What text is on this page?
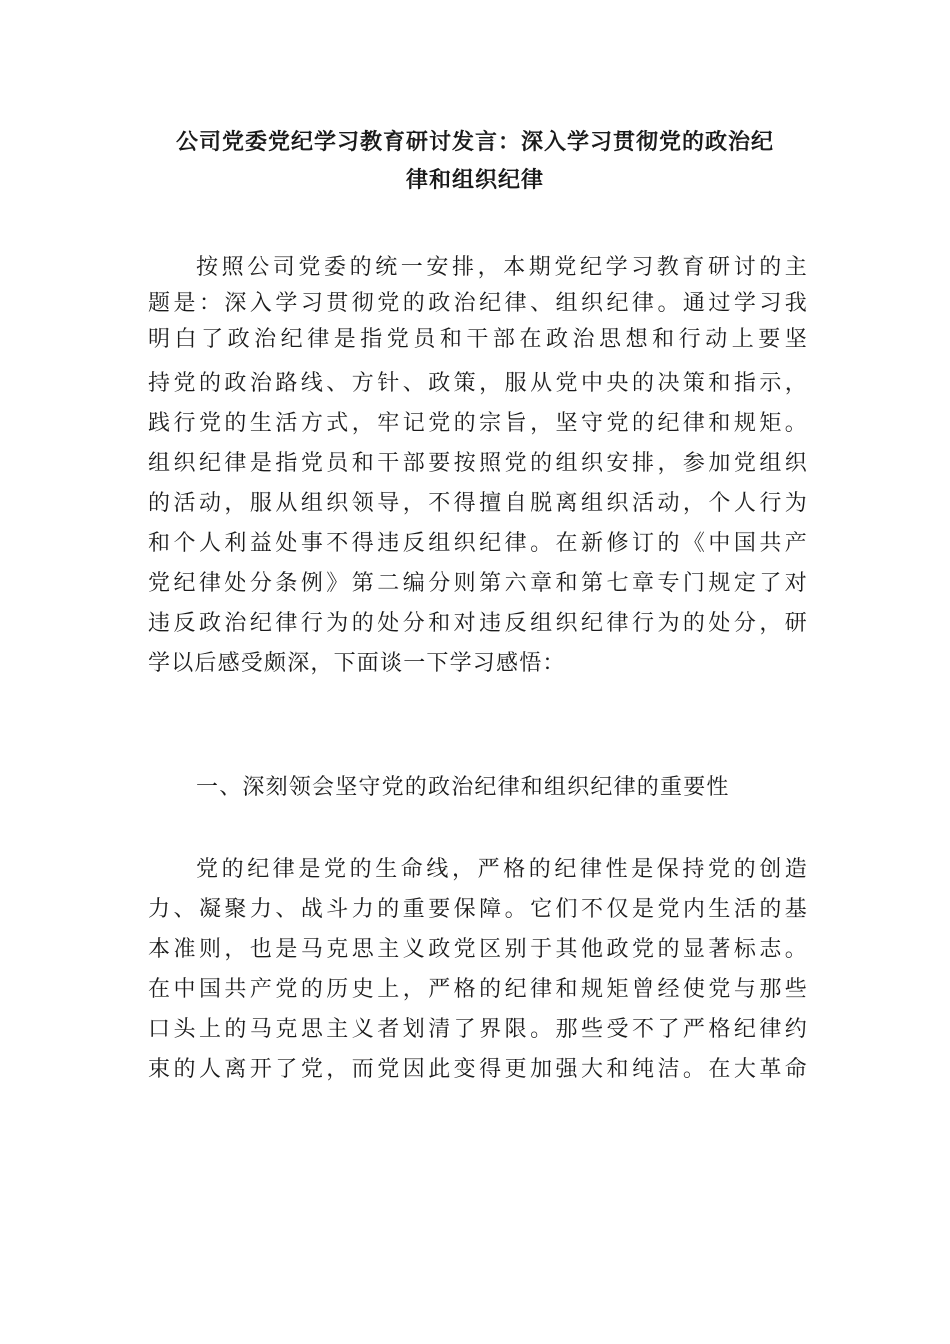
公司党委党纪学习教育研讨发言：深入学习贯彻党的政治纪
律和组织纪律

按照公司党委的统一安排，本期党纪学习教育研讨的主
题是：深入学习贯彻党的政治纪律、组织纪律。通过学习我
明白了政治纪律是指党员和干部在政治思想和行动上要坚
持党的政治路线、方针、政策，服从党中央的决策和指示，
践行党的生活方式，牢记党的宗旨，坚守党的纪律和规矩。
组织纪律是指党员和干部要按照党的组织安排，参加党组织
的活动，服从组织领导，不得擅自脱离组织活动，个人行为
和个人利益处事不得违反组织纪律。在新修订的《中国共产
党纪律处分条例》第二编分则第六章和第七章专门规定了对
违反政治纪律行为的处分和对违反组织纪律行为的处分，研
学以后感受颇深，下面谈一下学习感悟：

一、深刻领会坚守党的政治纪律和组织纪律的重要性

党的纪律是党的生命线，严格的纪律性是保持党的创造
力、凝聚力、战斗力的重要保障。它们不仅是党内生活的基
本准则，也是马克思主义政党区别于其他政党的显著标志。
在中国共产党的历史上，严格的纪律和规矩曾经使党与那些
口头上的马克思主义者划清了界限。那些受不了严格纪律约
束的人离开了党，而党因此变得更加强大和纯洁。在大革命
